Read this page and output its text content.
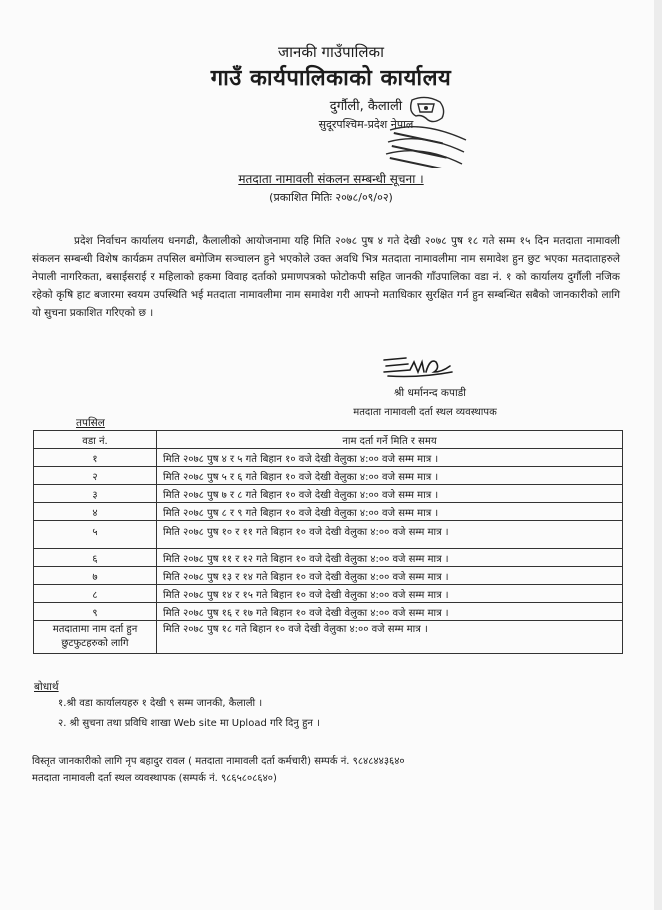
जानकी गाउँपालिका
गाउँ कार्यपालिकाको कार्यालय
दुर्गौली, कैलाली
सुदूरपश्चिम-प्रदेश नेपाल
मतदाता नामावली संकलन सम्बन्धी सूचना ।
(प्रकाशित मितिः २०७८/०९/०२)
प्रदेश निर्वाचन कार्यालय धनगढी, कैलालीको आयोजनामा यहि मिति २०७८ पुष ४ गते देखी २०७८ पुष १८ गते सम्म १५ दिन मतदाता नामावली संकलन सम्बन्धी विशेष कार्यक्रम तपसिल बमोजिम सञ्चालन हुने भएकोले उक्त अवधि भित्र मतदाता नामावलीमा नाम समावेश हुन छुट भएका मतदाताहरुले नेपाली नागरिकता, बसाईसराई र महिलाको हकमा विवाह दर्ताको प्रमाणपत्रको फोटोकपी सहित जानकी गाँउपालिका वडा नं. १ को कार्यालय दुर्गौली नजिक रहेको कृषि हाट बजारमा स्वयम उपस्थिति भई मतदाता नामावलीमा नाम समावेश गरी आफ्नो मताधिकार सुरक्षित गर्न हुन सम्बन्धित सबैको जानकारीको लागि यो सुचना प्रकाशित गरिएको छ ।
श्री धर्मानन्द कपाडी
मतदाता नामावली दर्ता स्थल व्यवस्थापक
तपसिल
वडा नं.	नाम दर्ता गर्ने मिति र समय
१	मिति २०७८ पुष ४ र ५ गते बिहान १० वजे देखी वेलुका ४:०० वजे सम्म मात्र ।
२	मिति २०७८ पुष ५ र ६ गते बिहान १० वजे देखी वेलुका ४:०० वजे सम्म मात्र ।
३	मिति २०७८ पुष ७ र ८ गते बिहान १० वजे देखी वेलुका ४:०० वजे सम्म मात्र ।
४	मिति २०७८ पुष ८ र ९ गते बिहान १० वजे देखी वेलुका ४:०० वजे सम्म मात्र ।
५	मिति २०७८ पुष १० र ११ गते बिहान १० वजे देखी वेलुका ४:०० वजे सम्म मात्र ।
६	मिति २०७८ पुष ११ र १२ गते बिहान १० वजे देखी वेलुका ४:०० वजे सम्म मात्र ।
७	मिति २०७८ पुष १३ र १४ गते बिहान १० वजे देखी वेलुका ४:०० वजे सम्म मात्र ।
८	मिति २०७८ पुष १४ र १५ गते बिहान १० वजे देखी वेलुका ४:०० वजे सम्म मात्र ।
९	मिति २०७८ पुष १६ र १७ गते बिहान १० वजे देखी वेलुका ४:०० वजे सम्म मात्र ।
मतदातामा नाम दर्ता हुन छुटफुटहरुको लागि	मिति २०७८ पुष १८ गते बिहान १० वजे देखी वेलुका ४:०० वजे सम्म मात्र ।
बोधार्थ
१.श्री वडा कार्यालयहरु १ देखी ९ सम्म जानकी, कैलाली ।
२. श्री सुचना तथा प्रविधि शाखा Web site मा Upload गरि दिनु हुन ।
विस्तृत जानकारीको लागि नृप बहादुर रावल ( मतदाता नामावली दर्ता कर्मचारी) सम्पर्क नं. ९८४८४४३६४०
मतदाता नामावली दर्ता स्थल व्यवस्थापक (सम्पर्क नं. ९८६५८०८६४०)
